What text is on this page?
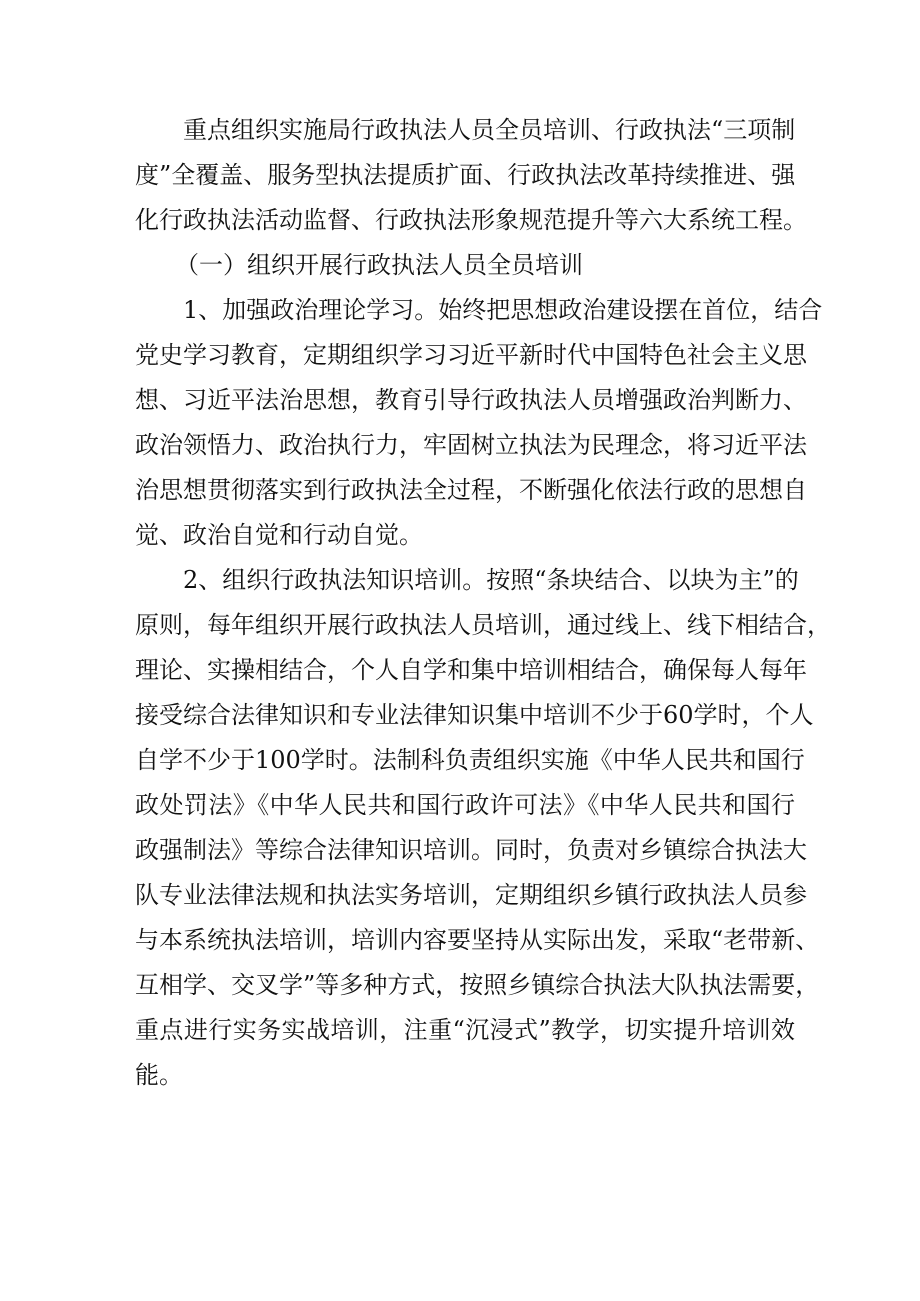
重点组织实施局行政执法人员全员培训、行政执法“三项制
度”全覆盖、服务型执法提质扩面、行政执法改革持续推进、强
化行政执法活动监督、行政执法形象规范提升等六大系统工程。
（一）组织开展行政执法人员全员培训
1、加强政治理论学习。始终把思想政治建设摆在首位，结合
党史学习教育，定期组织学习习近平新时代中国特色社会主义思
想、习近平法治思想，教育引导行政执法人员增强政治判断力、
政治领悟力、政治执行力，牢固树立执法为民理念，将习近平法
治思想贯彻落实到行政执法全过程，不断强化依法行政的思想自
觉、政治自觉和行动自觉。
2、组织行政执法知识培训。按照“条块结合、以块为主”的
原则，每年组织开展行政执法人员培训，通过线上、线下相结合，
理论、实操相结合，个人自学和集中培训相结合，确保每人每年
接受综合法律知识和专业法律知识集中培训不少于60学时，个人
自学不少于100学时。法制科负责组织实施《中华人民共和国行
政处罚法》《中华人民共和国行政许可法》《中华人民共和国行
政强制法》等综合法律知识培训。同时，负责对乡镇综合执法大
队专业法律法规和执法实务培训，定期组织乡镇行政执法人员参
与本系统执法培训，培训内容要坚持从实际出发，采取“老带新、
互相学、交叉学”等多种方式，按照乡镇综合执法大队执法需要，
重点进行实务实战培训，注重“沉浸式”教学，切实提升培训效
能。
